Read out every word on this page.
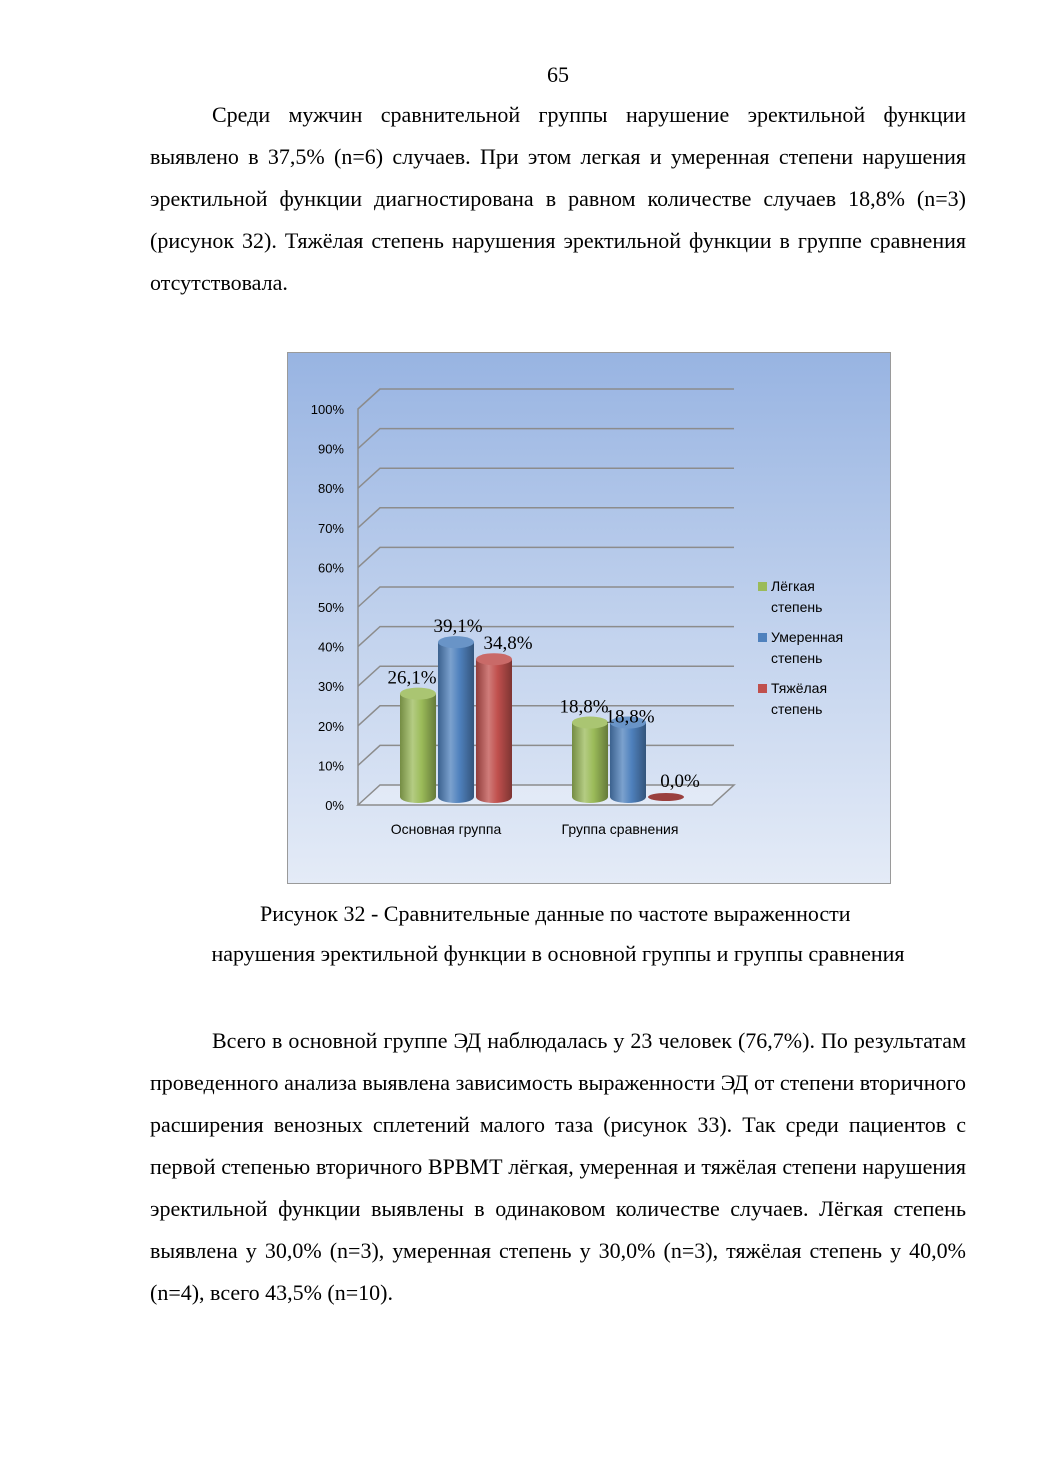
65

Среди мужчин сравнительной группы нарушение эректильной функции выявлено в 37,5% (n=6) случаев. При этом легкая и умеренная степени нарушения эректильной функции диагностирована в равном количестве случаев 18,8% (n=3) (рисунок 32). Тяжёлая степень нарушения эректильной функции в группе сравнения отсутствовала.

0%
10%
20%
30%
40%
50%
60%
70%
80%
90%
100%
26,1%
39,1%
34,8%
Основная группа
18,8%
18,8%
0,0%
Группа сравнения
Лёгкая
степень
Умеренная
степень
Тяжёлая
степень
Рисунок 32 - Сравнительные данные по частоте выраженности
нарушения эректильной функции в основной группы и группы сравнения

Всего в основной группе ЭД наблюдалась у 23 человек (76,7%). По результатам проведенного анализа выявлена зависимость выраженности ЭД от степени вторичного расширения венозных сплетений малого таза (рисунок 33). Так среди пациентов с первой степенью вторичного ВРВМТ лёгкая, умеренная и тяжёлая степени нарушения эректильной функции выявлены в одинаковом количестве случаев. Лёгкая степень выявлена у 30,0% (n=3), умеренная степень у 30,0% (n=3), тяжёлая степень у 40,0% (n=4), всего 43,5% (n=10).
